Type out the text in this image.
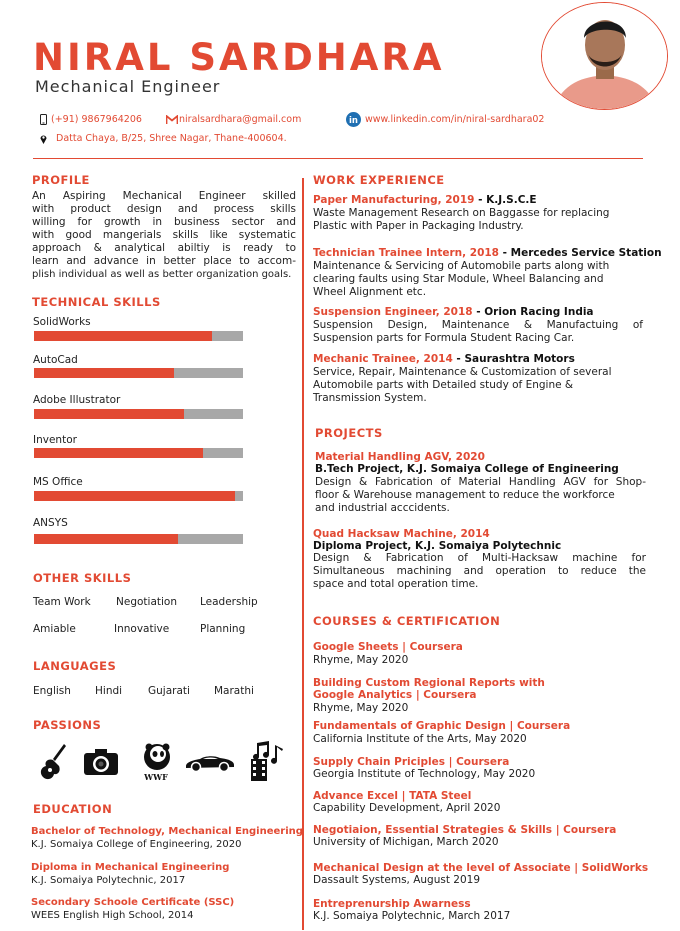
NIRAL SARDHARA
Mechanical Engineer
(+91) 9867964206	niralsardhara@gmail.com	in www.linkedin.com/in/niral-sardhara02
Datta Chaya, B/25, Shree Nagar, Thane-400604.
PROFILE
An Aspiring Mechanical Engineer skilled
with product design and process skills
willing for growth in business sector and
with good mangerials skills like systematic
approach & analytical abiltiy is ready to
learn and advance in better place to accom-
plish individual as well as better organization goals.
TECHNICAL SKILLS
SolidWorks
AutoCad
Adobe Illustrator
Inventor
MS Office
ANSYS
OTHER SKILLS
Team Work Negotiation Leadership
Amiable	Innovative	Planning
LANGUAGES
English Hindi Gujarati Marathi
PASSIONS
WWF
EDUCATION
Bachelor of Technology, Mechanical Engineering
K.J. Somaiya College of Engineering, 2020
Diploma in Mechanical Engineering
K.J. Somaiya Polytechnic, 2017
Secondary Schoole Certificate (SSC)
WEES English High School, 2014
WORK EXPERIENCE
Paper Manufacturing, 2019 - K.J.S.C.E
Waste Management Research on Baggasse for replacing
Plastic with Paper in Packaging Industry.
Technician Trainee Intern, 2018 - Mercedes Service Station
Maintenance & Servicing of Automobile parts along with
clearing faults using Star Module, Wheel Balancing and
Wheel Alignment etc.
Suspension Engineer, 2018 - Orion Racing India
Suspension Design, Maintenance & Manufactuing of
Suspension parts for Formula Student Racing Car.
Mechanic Trainee, 2014 - Saurashtra Motors
Service, Repair, Maintenance & Customization of several
Automobile parts with Detailed study of Engine &
Transmission System.
PROJECTS
Material Handling AGV, 2020
B.Tech Project, K.J. Somaiya College of Engineering
Design & Fabrication of Material Handling AGV for Shop-
floor & Warehouse management to reduce the workforce
and industrial acccidents.
Quad Hacksaw Machine, 2014
Diploma Project, K.J. Somaiya Polytechnic
Design & Fabrication of Multi-Hacksaw machine for
Simultaneous machining and operation to reduce the
space and total operation time.
COURSES & CERTIFICATION
Google Sheets | Coursera
Rhyme, May 2020
Building Custom Regional Reports with
Google Analytics | Coursera
Rhyme, May 2020
Fundamentals of Graphic Design | Coursera
California Institute of the Arts, May 2020
Supply Chain Priciples | Coursera
Georgia Institute of Technology, May 2020
Advance Excel | TATA Steel
Capability Development, April 2020
Negotiaion, Essential Strategies & Skills | Coursera
University of Michigan, March 2020
Mechanical Design at the level of Associate | SolidWorks
Dassault Systems, August 2019
Entreprenurship Awarness
K.J. Somaiya Polytechnic, March 2017
